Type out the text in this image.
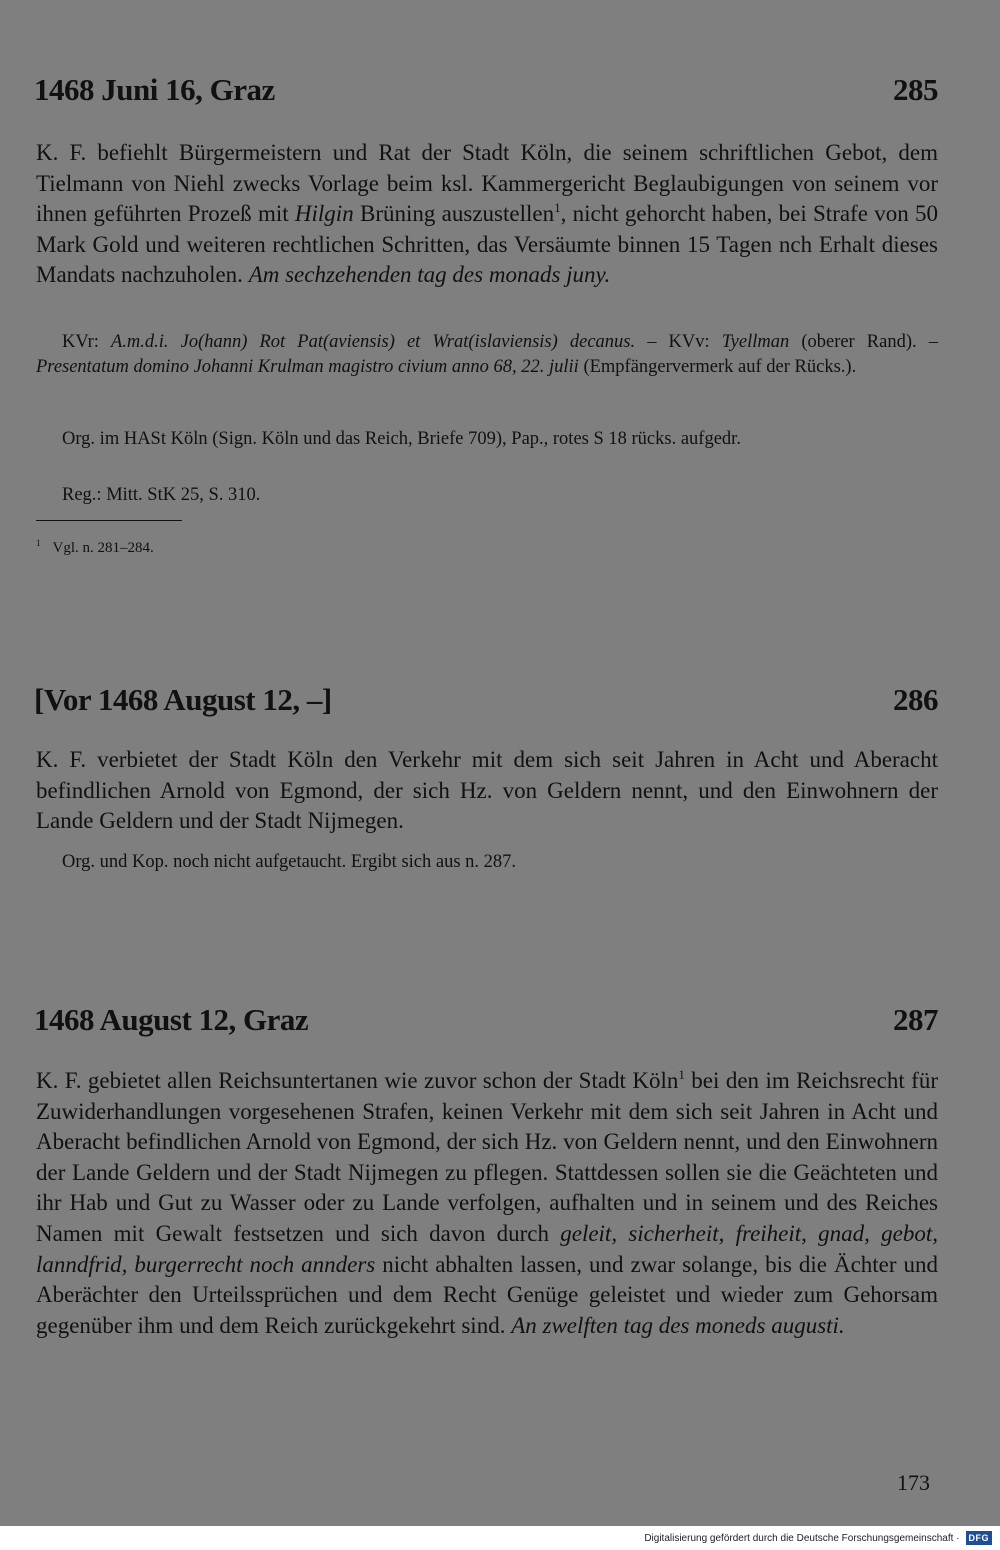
1468 Juni 16, Graz	285
K. F. befiehlt Bürgermeistern und Rat der Stadt Köln, die seinem schriftlichen Gebot, dem Tielmann von Niehl zwecks Vorlage beim ksl. Kammergericht Beglaubigungen von seinem vor ihnen geführten Prozeß mit Hilgin Brüning auszustellen$^1$, nicht gehorcht haben, bei Strafe von 50 Mark Gold und weiteren rechtlichen Schritten, das Versäumte binnen 15 Tagen nch Erhalt dieses Mandats nachzuholen. Am sechzehenden tag des monads juny.
KVr: A.m.d.i. Jo(hann) Rot Pat(aviensis) et Wrat(islaviensis) decanus. – KVv: Tyellman (oberer Rand). – Presentatum domino Johanni Krulman magistro civium anno 68, 22. julii (Empfängervermerk auf der Rücks.).
Org. im HASt Köln (Sign. Köln und das Reich, Briefe 709), Pap., rotes S 18 rücks. aufgedr.
Reg.: Mitt. StK 25, S. 310.
$^1$ Vgl. n. 281–284.
[Vor 1468 August 12, –]	286
K. F. verbietet der Stadt Köln den Verkehr mit dem sich seit Jahren in Acht und Aberacht befindlichen Arnold von Egmond, der sich Hz. von Geldern nennt, und den Einwohnern der Lande Geldern und der Stadt Nijmegen.
Org. und Kop. noch nicht aufgetaucht. Ergibt sich aus n. 287.
1468 August 12, Graz	287
K. F. gebietet allen Reichsuntertanen wie zuvor schon der Stadt Köln$^1$ bei den im Reichsrecht für Zuwiderhandlungen vorgesehenen Strafen, keinen Verkehr mit dem sich seit Jahren in Acht und Aberacht befindlichen Arnold von Egmond, der sich Hz. von Geldern nennt, und den Einwohnern der Lande Geldern und der Stadt Nijmegen zu pflegen. Stattdessen sollen sie die Geächteten und ihr Hab und Gut zu Wasser oder zu Lande verfolgen, aufhalten und in seinem und des Reiches Namen mit Gewalt festsetzen und sich davon durch geleit, sicherheit, freiheit, gnad, gebot, lanndfrid, burgerrecht noch annders nicht abhalten lassen, und zwar solange, bis die Ächter und Aberächter den Urteilssprüchen und dem Recht Genüge geleistet und wieder zum Gehorsam gegenüber ihm und dem Reich zurückgekehrt sind. An zwelften tag des moneds augusti.
173
Digitalisierung gefördert durch die Deutsche Forschungsgemeinschaft ·	DFG
